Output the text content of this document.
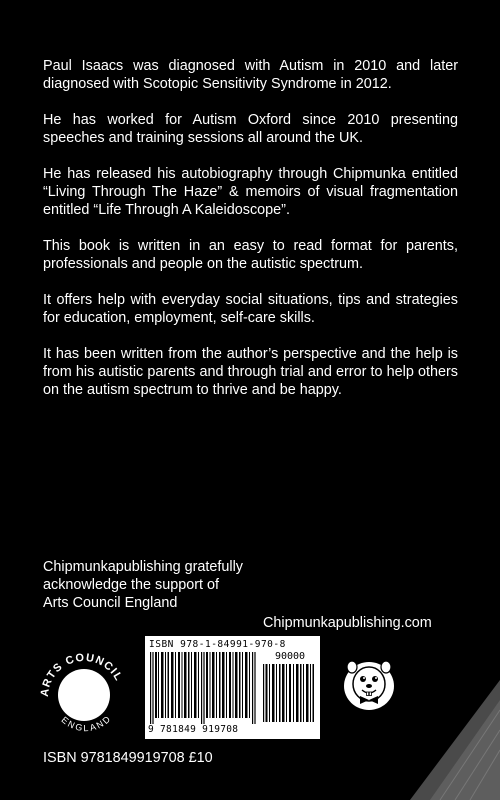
Paul Isaacs was diagnosed with Autism in 2010 and later diagnosed with Scotopic Sensitivity Syndrome in 2012.

He has worked for Autism Oxford since 2010 presenting speeches and training sessions all around the UK.

He has released his autobiography through Chipmunka entitled “Living Through The Haze” & memoirs of visual fragmentation entitled “Life Through A Kaleidoscope”.

This book is written in an easy to read format for parents, professionals and people on the autistic spectrum.

It offers help with everyday social situations, tips and strategies for education, employment, self-care skills.

It has been written from the author’s perspective and the help is from his autistic parents and through trial and error to help others on the autism spectrum to thrive and be happy.

Chipmunkapublishing gratefully acknowledge the support of Arts Council England
Chipmunkapublishing.com
ARTS COUNCIL
ENGLAND
ISBN 978-1-84991-970-8
90000
9 781849 919708
ISBN 9781849919708 £10
